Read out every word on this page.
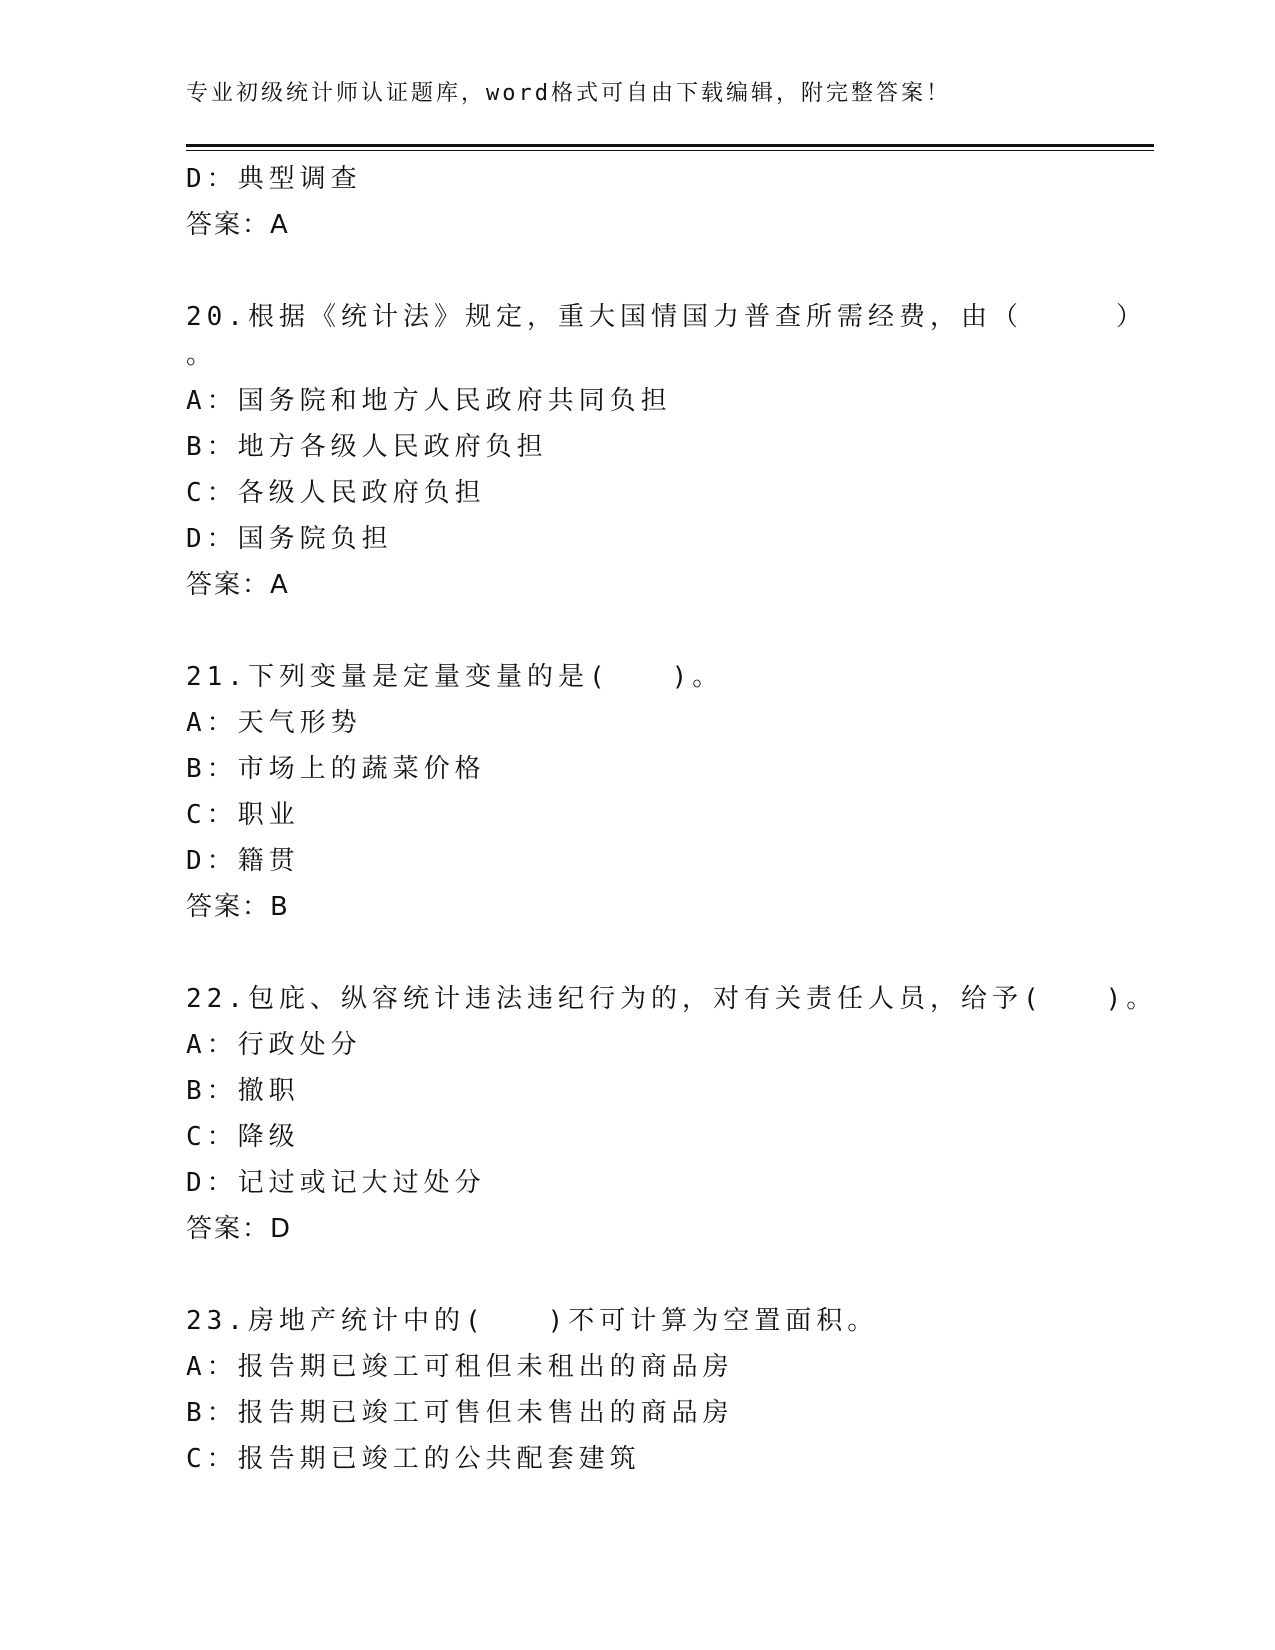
专业初级统计师认证题库，word格式可自由下载编辑，附完整答案！
D：典型调查
答案：A
20.根据《统计法》规定，重大国情国力普查所需经费，由（　　　）
。
A：国务院和地方人民政府共同负担
B：地方各级人民政府负担
C：各级人民政府负担
D：国务院负担
答案：A
21.下列变量是定量变量的是(　　)。
A：天气形势
B：市场上的蔬菜价格
C：职业
D：籍贯
答案：B
22.包庇、纵容统计违法违纪行为的，对有关责任人员，给予(　　)。
A：行政处分
B：撤职
C：降级
D：记过或记大过处分
答案：D
23.房地产统计中的(　　)不可计算为空置面积。
A：报告期已竣工可租但未租出的商品房
B：报告期已竣工可售但未售出的商品房
C：报告期已竣工的公共配套建筑
